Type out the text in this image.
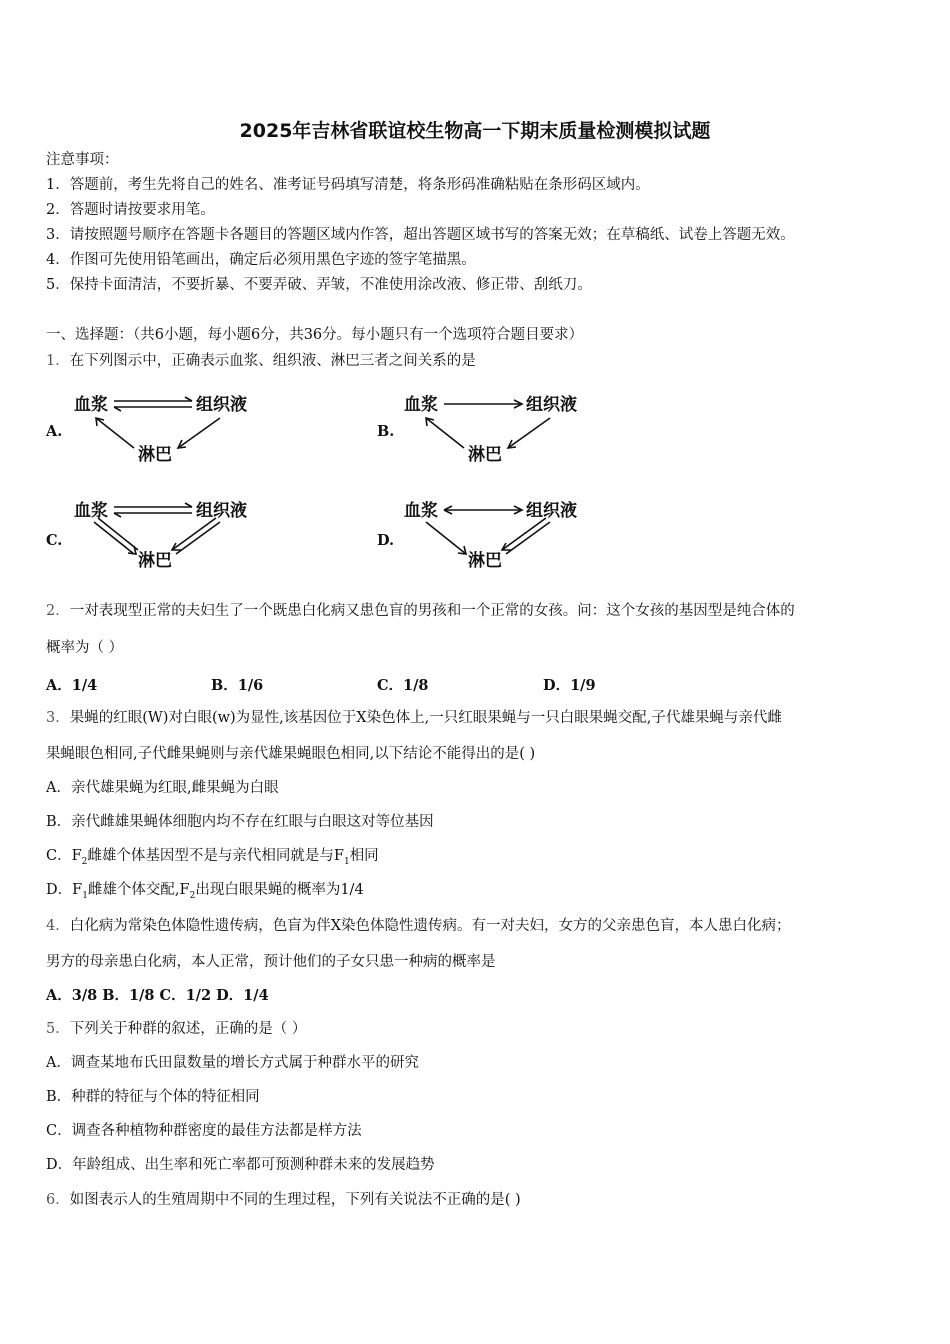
2025年吉林省联谊校生物高一下期末质量检测模拟试题
注意事项：
1．答题前，考生先将自己的姓名、准考证号码填写清楚，将条形码准确粘贴在条形码区域内。
2．答题时请按要求用笔。
3．请按照题号顺序在答题卡各题目的答题区域内作答，超出答题区域书写的答案无效；在草稿纸、试卷上答题无效。
4．作图可先使用铅笔画出，确定后必须用黑色字迹的签字笔描黑。
5．保持卡面清洁，不要折暴、不要弄破、弄皱，不准使用涂改液、修正带、刮纸刀。
一、选择题：（共6小题，每小题6分，共36分。每小题只有一个选项符合题目要求）
1．在下列图示中，正确表示血浆、组织液、淋巴三者之间关系的是
A.
血浆	组织液
淋巴
B.
血浆	组织液
淋巴
C.
血浆	组织液
淋巴
D.
血浆	组织液
淋巴
2．一对表现型正常的夫妇生了一个既患白化病又患色盲的男孩和一个正常的女孩。问：这个女孩的基因型是纯合体的
概率为（ ）
A．1/4	B．1/6	C．1/8	D．1/9
3．果蝇的红眼(W)对白眼(w)为显性,该基因位于X染色体上,一只红眼果蝇与一只白眼果蝇交配,子代雄果蝇与亲代雌
果蝇眼色相同,子代雌果蝇则与亲代雄果蝇眼色相同,以下结论不能得出的是( )
A．亲代雄果蝇为红眼,雌果蝇为白眼
B．亲代雌雄果蝇体细胞内均不存在红眼与白眼这对等位基因
C．$F_2$雌雄个体基因型不是与亲代相同就是与$F_1$相同
D．$F_1$雌雄个体交配$,F_2$出现白眼果蝇的概率为1/4
4．白化病为常染色体隐性遗传病，色盲为伴X染色体隐性遗传病。有一对夫妇，女方的父亲患色盲，本人患白化病；
男方的母亲患白化病，本人正常，预计他们的子女只患一种病的概率是
A．3/8 B．1/8 C．1/2 D．1/4
5．下列关于种群的叙述，正确的是（ ）
A．调查某地布氏田鼠数量的增长方式属于种群水平的研究
B．种群的特征与个体的特征相同
C．调查各种植物种群密度的最佳方法都是样方法
D．年龄组成、出生率和死亡率都可预测种群未来的发展趋势
6．如图表示人的生殖周期中不同的生理过程，下列有关说法不正确的是( )
